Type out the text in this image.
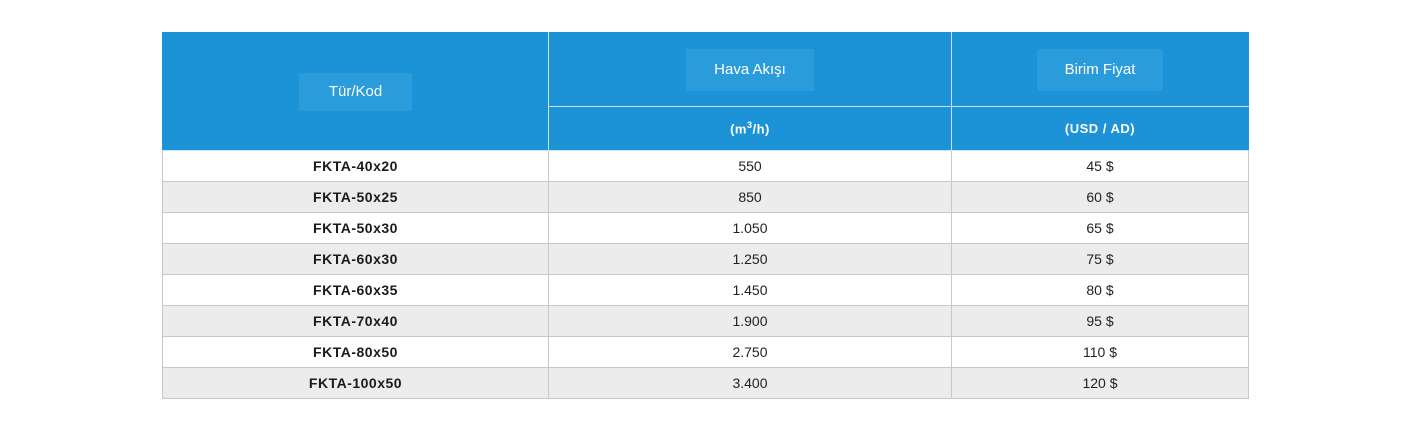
Tür/Kod	Hava Akışı	Birim Fiyat
	$(m^3/h)$	(USD / AD)
FKTA-40x20	550	45 $
FKTA-50x25	850	60 $
FKTA-50x30	1.050	65 $
FKTA-60x30	1.250	75 $
FKTA-60x35	1.450	80 $
FKTA-70x40	1.900	95 $
FKTA-80x50	2.750	110 $
FKTA-100x50	3.400	120 $
